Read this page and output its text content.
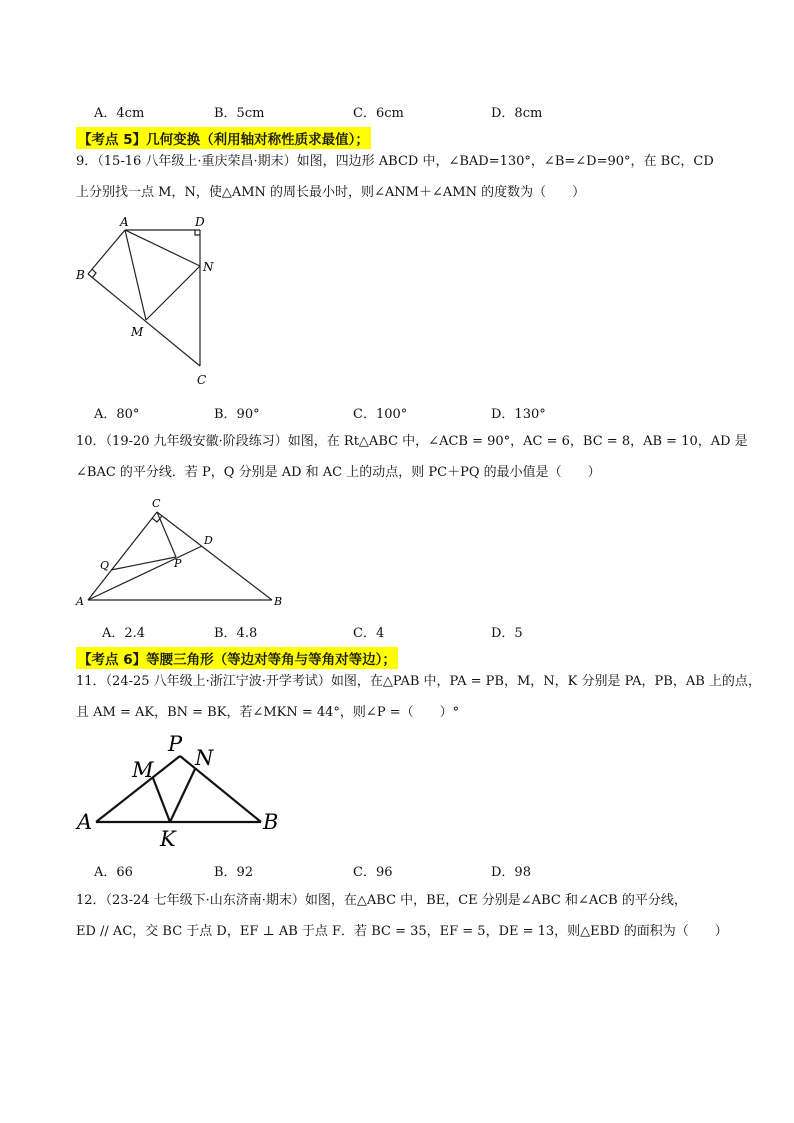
A．4cm	B．5cm	C．6cm	D．8cm
【考点 5】几何变换（利用轴对称性质求最值）；
9．（15-16 八年级上·重庆荣昌·期末）如图，四边形 ABCD 中，∠BAD=130°，∠B=∠D=90°，在 BC，CD
上分别找一点 M，N，使△AMN 的周长最小时，则∠ANM＋∠AMN 的度数为（　　）
A	D
B
N
M
C
A．80°	B．90°	C．100°	D．130°
10．（19-20 九年级安徽·阶段练习）如图，在 Rt△ABC 中，∠ACB = 90°，AC = 6，BC = 8，AB = 10，AD 是
∠BAC 的平分线．若 P，Q 分别是 AD 和 AC 上的动点，则 PC＋PQ 的最小值是（　　）
C
D
Q	P
A	B
A．2.4	B．4.8	C．4	D．5
【考点 6】等腰三角形（等边对等角与等角对等边）；
11．（24-25 八年级上·浙江宁波·开学考试）如图，在△PAB 中，PA = PB，M，N，K 分别是 PA，PB，AB 上的点，
且 AM = AK，BN = BK，若∠MKN = 44°，则∠P =（　　）°
P
M N
A	B
K
A．66	B．92	C．96	D．98
12．（23-24 七年级下·山东济南·期末）如图，在△ABC 中，BE，CE 分别是∠ABC 和∠ACB 的平分线，
ED // AC，交 BC 于点 D，EF ⊥ AB 于点 F．若 BC = 35，EF = 5，DE = 13，则△EBD 的面积为（　　）
